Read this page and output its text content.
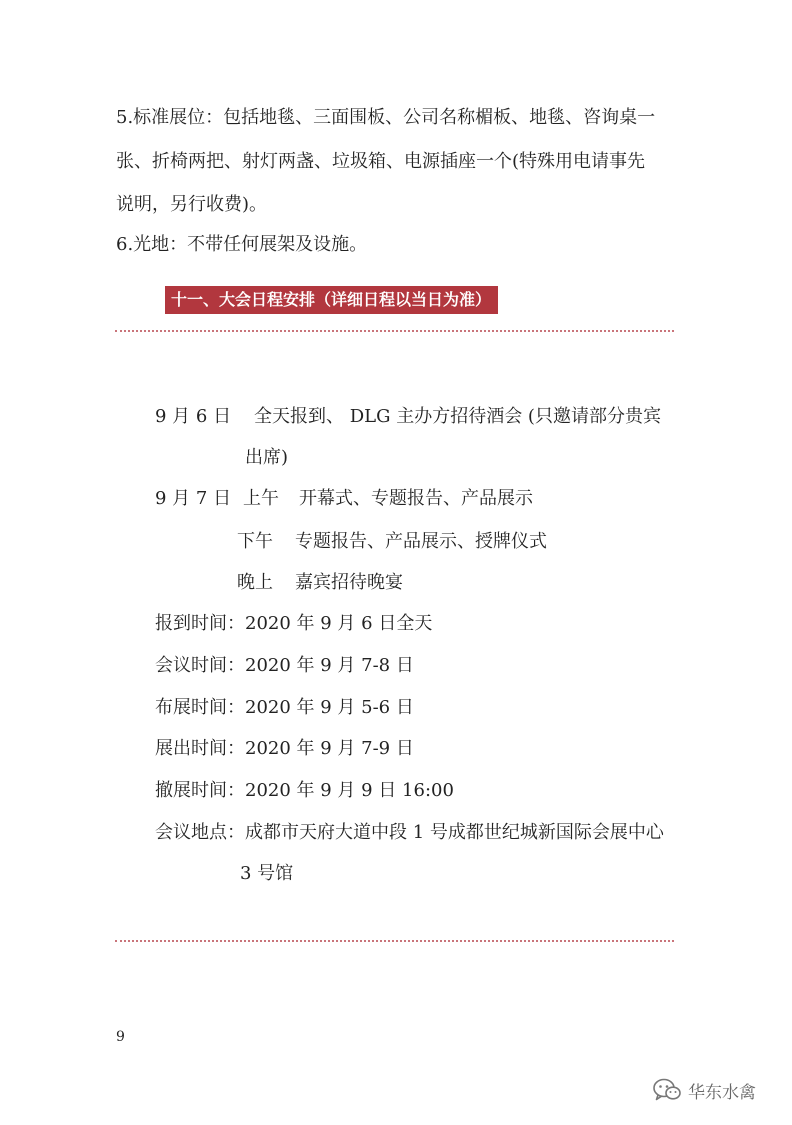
5.标准展位：包括地毯、三面围板、公司名称楣板、地毯、咨询桌一
张、折椅两把、射灯两盏、垃圾箱、电源插座一个(特殊用电请事先
说明，另行收费)。
6.光地：不带任何展架及设施。
十一、大会日程安排（详细日程以当日为准）
9 月 6 日 全天报到、 DLG 主办方招待酒会 (只邀请部分贵宾
出席)
9 月 7 日 上午 开幕式、专题报告、产品展示
下午 专题报告、产品展示、授牌仪式
晚上 嘉宾招待晚宴
报到时间：2020 年 9 月 6 日全天
会议时间：2020 年 9 月 7-8 日
布展时间：2020 年 9 月 5-6 日
展出时间：2020 年 9 月 7-9 日
撤展时间：2020 年 9 月 9 日 16:00
会议地点：成都市天府大道中段 1 号成都世纪城新国际会展中心
3 号馆
9
华东水禽
